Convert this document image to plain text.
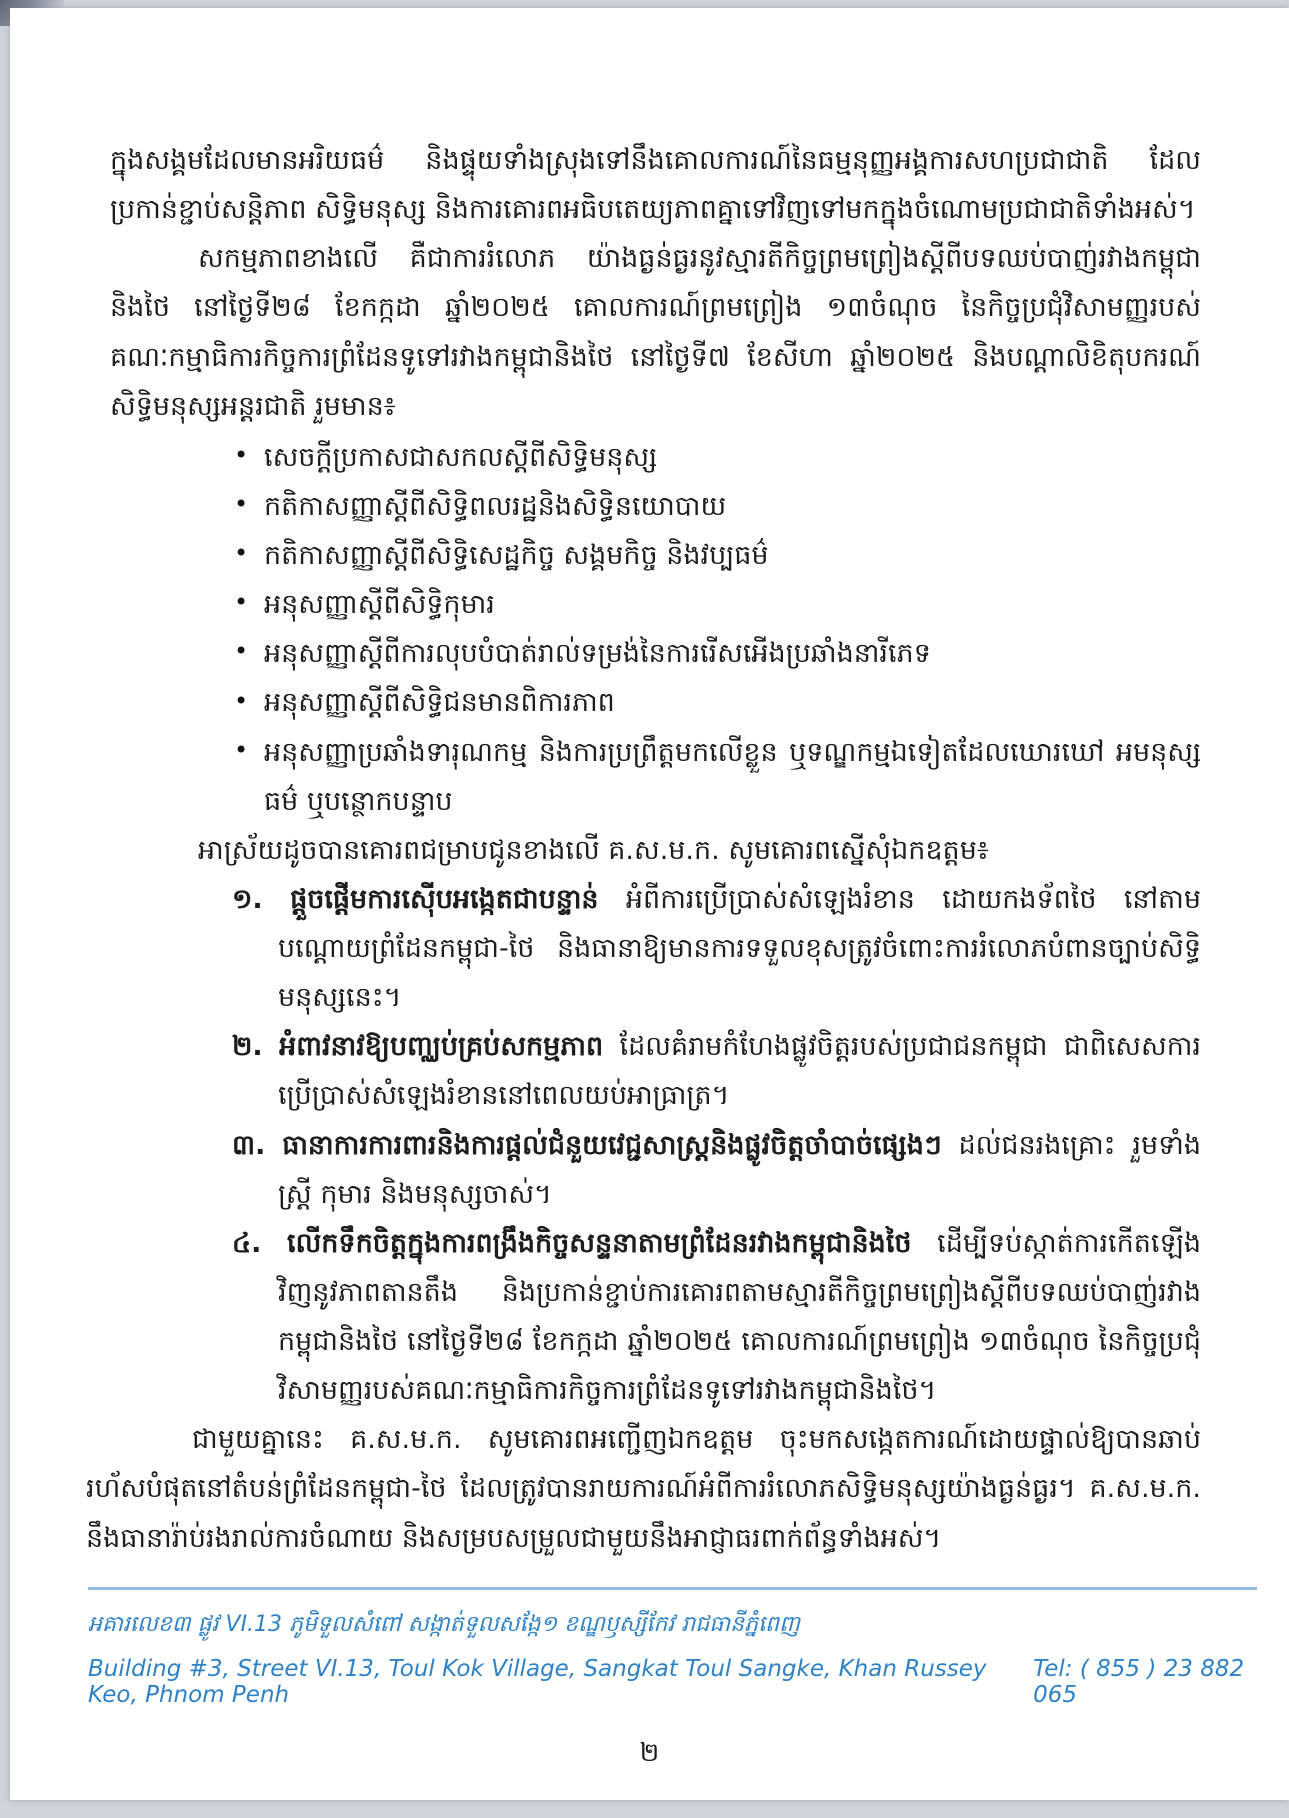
ក្នុងសង្គមដែលមានអរិយធម៌ និងផ្ទុយទាំងស្រុងទៅនឹងគោលការណ៍នៃធម្មនុញ្ញអង្គការសហប្រជាជាតិ ដែលប្រកាន់ខ្ជាប់សន្តិភាព សិទ្ធិមនុស្ស និងការគោរពអធិបតេយ្យភាពគ្នាទៅវិញទៅមកក្នុងចំណោមប្រជាជាតិទាំងអស់។

សកម្មភាពខាងលើ គឺជាការរំលោភ យ៉ាងធ្ងន់ធ្ងរនូវស្មារតីកិច្ចព្រមព្រៀងស្តីពីបទឈប់បាញ់រវាងកម្ពុជានិងថៃ នៅថ្ងៃទី២៨ ខែកក្កដា ឆ្នាំ២០២៥ គោលការណ៍ព្រមព្រៀង ១៣ចំណុច នៃកិច្ចប្រជុំវិសាមញ្ញរបស់គណៈកម្មាធិការកិច្ចការព្រំដែនទូទៅរវាងកម្ពុជានិងថៃ នៅថ្ងៃទី៧ ខែសីហា ឆ្នាំ២០២៥ និងបណ្តាលិខិតុបករណ៍សិទ្ធិមនុស្សអន្តរជាតិ រួមមាន៖

• សេចក្តីប្រកាសជាសកលស្តីពីសិទ្ធិមនុស្ស
• កតិកាសញ្ញាស្តីពីសិទ្ធិពលរដ្ឋនិងសិទ្ធិនយោបាយ
• កតិកាសញ្ញាស្តីពីសិទ្ធិសេដ្ឋកិច្ច សង្គមកិច្ច និងវប្បធម៌
• អនុសញ្ញាស្តីពីសិទ្ធិកុមារ
• អនុសញ្ញាស្តីពីការលុបបំបាត់រាល់ទម្រង់នៃការរើសអើងប្រឆាំងនារីភេទ
• អនុសញ្ញាស្តីពីសិទ្ធិជនមានពិការភាព
• អនុសញ្ញាប្រឆាំងទារុណកម្ម និងការប្រព្រឹត្តមកលើខ្លួន ឬទណ្ឌកម្មឯទៀតដែលឃោរឃៅ អមនុស្សធម៌ ឬបន្ថោកបន្ទាប

អាស្រ័យដូចបានគោរពជម្រាបជូនខាងលើ គ.ស.ម.ក. សូមគោរពស្នើសុំឯកឧត្តម៖

១. ផ្តួចផ្តើមការស៊ើបអង្កេតជាបន្ទាន់ អំពីការប្រើប្រាស់សំឡេងរំខាន ដោយកងទ័ពថៃ នៅតាមបណ្តោយព្រំដែនកម្ពុជា-ថៃ និងធានាឱ្យមានការទទួលខុសត្រូវចំពោះការរំលោភបំពានច្បាប់សិទ្ធិមនុស្សនេះ។
២. អំពាវនាវឱ្យបញ្ឈប់គ្រប់សកម្មភាព ដែលគំរាមកំហែងផ្លូវចិត្តរបស់ប្រជាជនកម្ពុជា ជាពិសេសការប្រើប្រាស់សំឡេងរំខាននៅពេលយប់អាធ្រាត្រ។
៣. ធានាការការពារនិងការផ្តល់ជំនួយវេជ្ជសាស្ត្រនិងផ្លូវចិត្តចាំបាច់ផ្សេងៗ ដល់ជនរងគ្រោះ រួមទាំងស្ត្រី កុមារ និងមនុស្សចាស់។
៤. លើកទឹកចិត្តក្នុងការពង្រឹងកិច្ចសន្ទនាតាមព្រំដែនរវាងកម្ពុជានិងថៃ ដើម្បីទប់ស្កាត់ការកើតឡើងវិញនូវភាពតានតឹង និងប្រកាន់ខ្ជាប់ការគោរពតាមស្មារតីកិច្ចព្រមព្រៀងស្តីពីបទឈប់បាញ់រវាងកម្ពុជានិងថៃ នៅថ្ងៃទី២៨ ខែកក្កដា ឆ្នាំ២០២៥ គោលការណ៍ព្រមព្រៀង ១៣ចំណុច នៃកិច្ចប្រជុំវិសាមញ្ញរបស់គណៈកម្មាធិការកិច្ចការព្រំដែនទូទៅរវាងកម្ពុជានិងថៃ។

ជាមួយគ្នានេះ គ.ស.ម.ក. សូមគោរពអញ្ជើញឯកឧត្តម ចុះមកសង្កេតការណ៍ដោយផ្ទាល់ឱ្យបានឆាប់រហ័សបំផុតនៅតំបន់ព្រំដែនកម្ពុជា-ថៃ ដែលត្រូវបានរាយការណ៍អំពីការរំលោភសិទ្ធិមនុស្សយ៉ាងធ្ងន់ធ្ងរ។ គ.ស.ម.ក. នឹងធានារ៉ាប់រងរាល់ការចំណាយ និងសម្របសម្រួលជាមួយនឹងអាជ្ញាធរពាក់ព័ន្ធទាំងអស់។

អគារលេខ៣ ផ្លូវ VI.13 ភូមិទួលសំពៅ សង្កាត់ទួលសង្កែ១ ខណ្ឌឫស្សីកែវ រាជធានីភ្នំពេញ
Building #3, Street VI.13, Toul Kok Village, Sangkat Toul Sangke, Khan Russey Keo, Phnom Penh
Tel: ( 855 ) 23 882 065
២
